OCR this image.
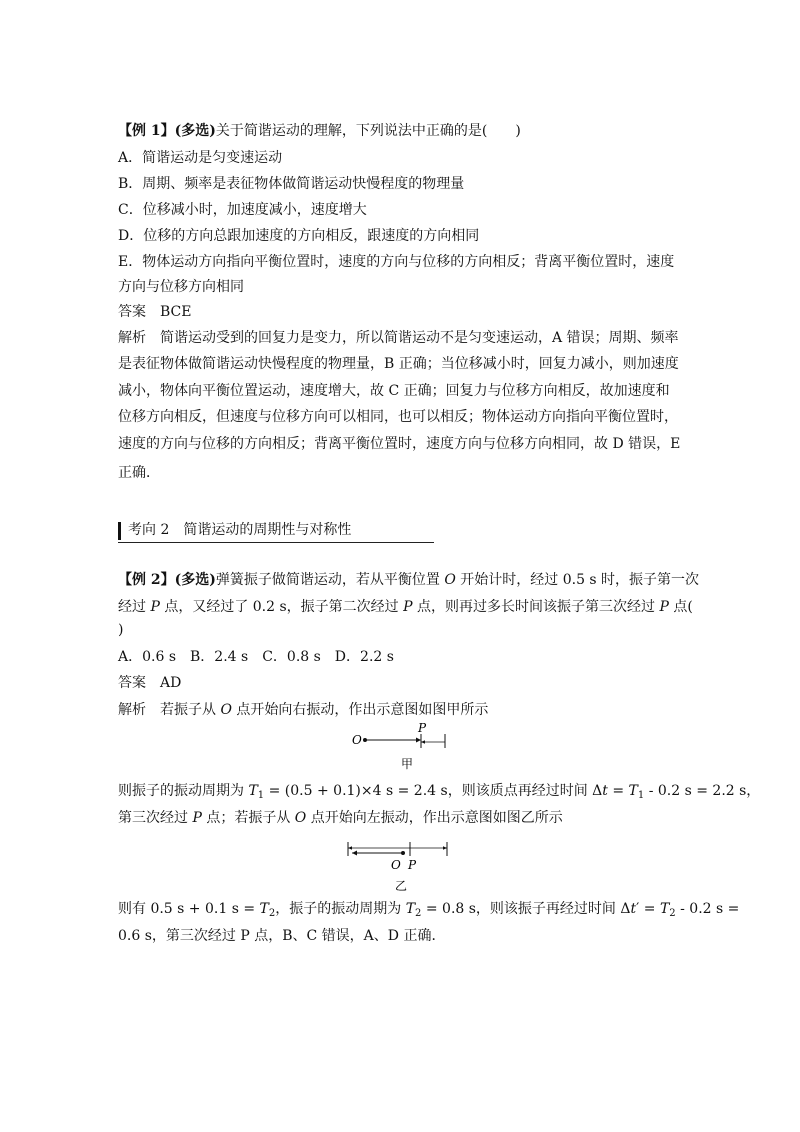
【例 1】(多选)关于简谐运动的理解，下列说法中正确的是(　　)
A．简谐运动是匀变速运动
B．周期、频率是表征物体做简谐运动快慢程度的物理量
C．位移减小时，加速度减小，速度增大
D．位移的方向总跟加速度的方向相反，跟速度的方向相同
E．物体运动方向指向平衡位置时，速度的方向与位移的方向相反；背离平衡位置时，速度
方向与位移方向相同
答案　 BCE
解析　 简谐运动受到的回复力是变力，所以简谐运动不是匀变速运动，A 错误；周期、频率
是表征物体做简谐运动快慢程度的物理量，B 正确；当位移减小时，回复力减小，则加速度
减小，物体向平衡位置运动，速度增大，故 C 正确；回复力与位移方向相反，故加速度和
位移方向相反，但速度与位移方向可以相同，也可以相反；物体运动方向指向平衡位置时，
速度的方向与位移的方向相反；背离平衡位置时，速度方向与位移方向相同，故 D 错误，E
正确．
考向 2　简谐运动的周期性与对称性
【例 2】(多选)弹簧振子做简谐运动，若从平衡位置 O 开始计时，经过 0.5 s 时，振子第一次
经过 P 点，又经过了 0.2 s，振子第二次经过 P 点，则再过多长时间该振子第三次经过 P 点(
)
A．0.6 s　B．2.4 s　C．0.8 s　D．2.2 s
答案　 AD
解析　 若振子从 O 点开始向右振动，作出示意图如图甲所示
O
P
甲
则振子的振动周期为 $T_1 = (0.5 + 0.1)\times 4$ s = 2.4 s，则该质点再经过时间 $\Delta t = T_1 - 0.2$ s = 2.2 s，
第三次经过 P 点；若振子从 O 点开始向左振动，作出示意图如图乙所示
O P
乙
则有 0.5 s + 0.1 $s = T_2$，振子的振动周期为 $T_2 = 0.8$ s，则该振子再经过时间 $\Delta t' = T_2 - 0.2$ s =
0.6 s，第三次经过 P 点，B、C 错误，A、D 正确．
